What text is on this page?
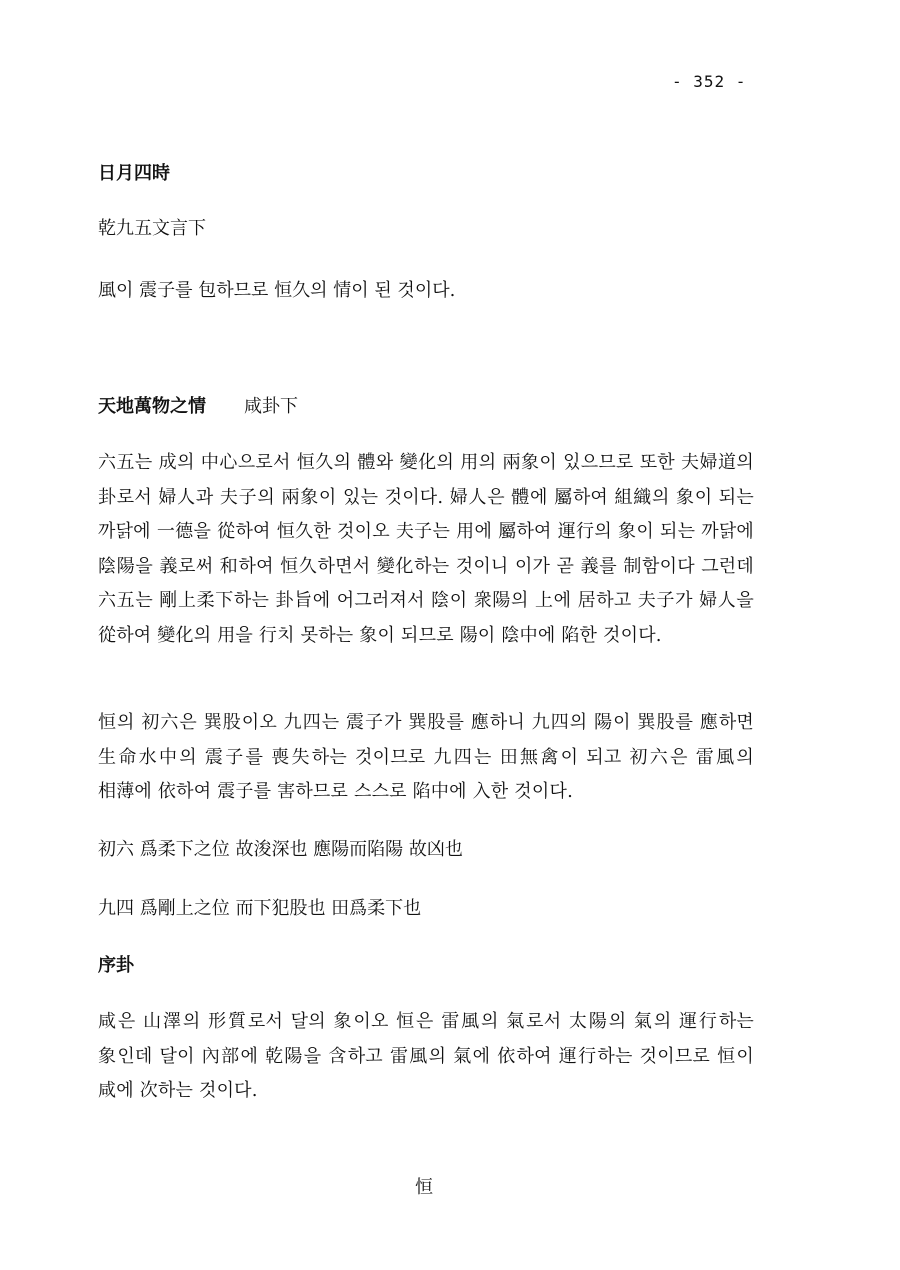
- 352 -
日月四時
乾九五文言下
風이 震子를 包하므로 恒久의 情이 된 것이다.
天地萬物之情 咸卦下
六五는 成의 中心으로서 恒久의 體와 變化의 用의 兩象이 있으므로 또한 夫婦道의 卦로서 婦人과 夫子의 兩象이 있는 것이다. 婦人은 體에 屬하여 組織의 象이 되는 까닭에 一德을 從하여 恒久한 것이오 夫子는 用에 屬하여 運行의 象이 되는 까닭에 陰陽을 義로써 和하여 恒久하면서 變化하는 것이니 이가 곧 義를 制함이다 그런데 六五는 剛上柔下하는 卦旨에 어그러져서 陰이 衆陽의 上에 居하고 夫子가 婦人을 從하여 變化의 用을 行치 못하는 象이 되므로 陽이 陰中에 陷한 것이다.
恒의 初六은 巽股이오 九四는 震子가 巽股를 應하니 九四의 陽이 巽股를 應하면 生命水中의 震子를 喪失하는 것이므로 九四는 田無禽이 되고 初六은 雷風의 相薄에 依하여 震子를 害하므로 스스로 陷中에 入한 것이다.
初六 爲柔下之位 故浚深也 應陽而陷陽 故凶也
九四 爲剛上之位 而下犯股也 田爲柔下也
序卦
咸은 山澤의 形質로서 달의 象이오 恒은 雷風의 氣로서 太陽의 氣의 運行하는 象인데 달이 內部에 乾陽을 含하고 雷風의 氣에 依하여 運行하는 것이므로 恒이 咸에 次하는 것이다.
恒
